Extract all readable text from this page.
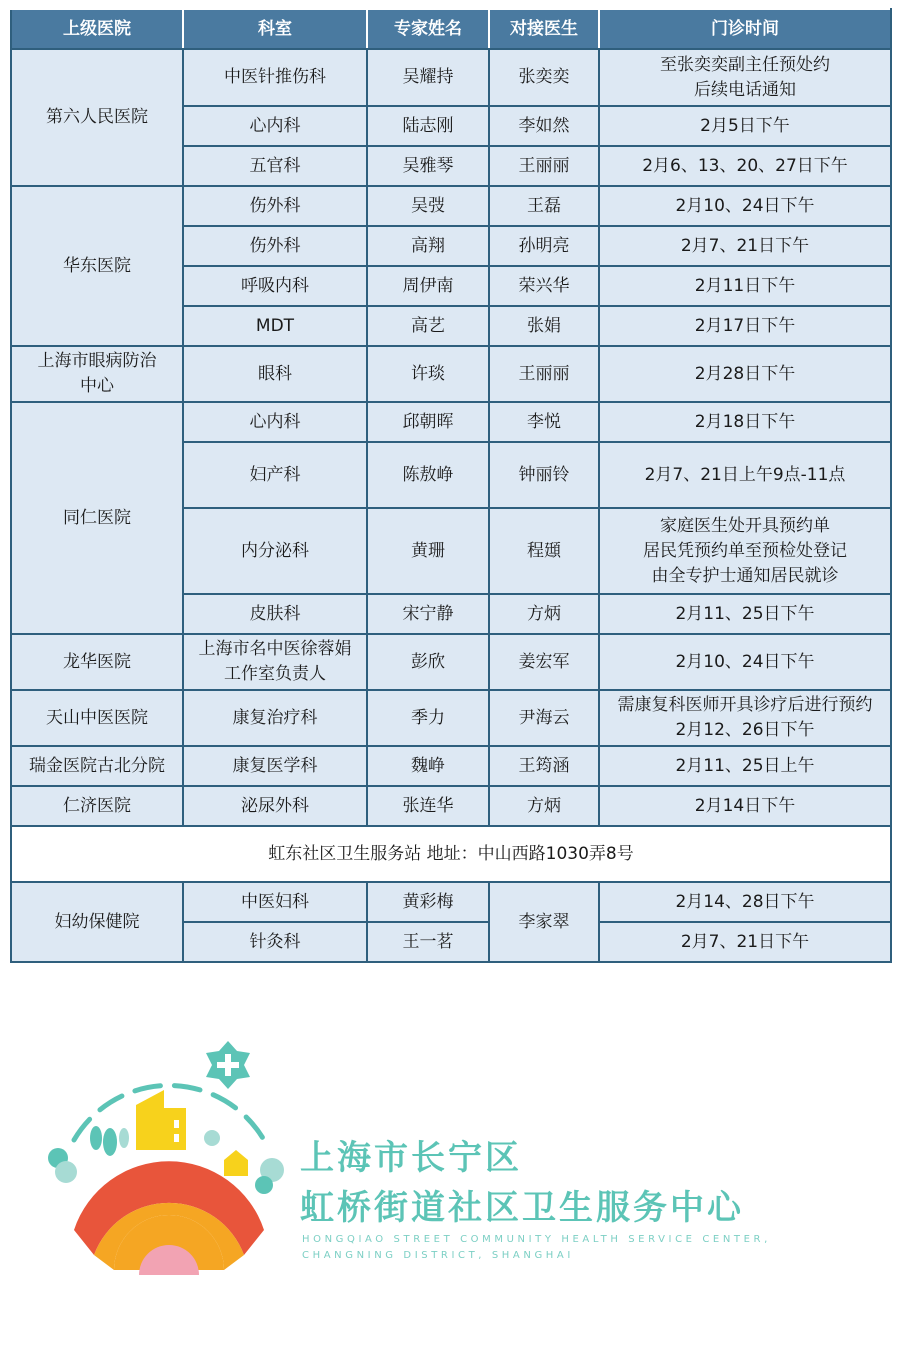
上级医院	科室	专家姓名	对接医生	门诊时间

第六人民医院	中医针推伤科	吴耀持	张奕奕	至张奕奕副主任预处约
后续电话通知

	心内科	陆志刚	李如然	2月5日下午

	五官科	吴雅琴	王丽丽	2月6、13、20、27日下午

华东医院	伤外科	吴弢	王磊	2月10、24日下午

	伤外科	高翔	孙明亮	2月7、21日下午

	呼吸内科	周伊南	荣兴华	2月11日下午

	MDT	高艺	张娟	2月17日下午

上海市眼病防治
中心	眼科	许琰	王丽丽	2月28日下午

同仁医院	心内科	邱朝晖	李悦	2月18日下午

	妇产科	陈敖峥	钟丽铃	2月7、21日上午9点-11点

	内分泌科	黄珊	程頲	家庭医生处开具预约单
居民凭预约单至预检处登记
由全专护士通知居民就诊

	皮肤科	宋宁静	方炳	2月11、25日下午

龙华医院	上海市名中医徐蓉娟
工作室负责人	彭欣	姜宏军	2月10、24日下午

天山中医医院	康复治疗科	季力	尹海云	需康复科医师开具诊疗后进行预约
2月12、26日下午

瑞金医院古北分院	康复医学科	魏峥	王筠涵	2月11、25日上午

仁济医院	泌尿外科	张连华	方炳	2月14日下午

虹东社区卫生服务站 地址：中山西路1030弄8号				

妇幼保健院	中医妇科	黄彩梅	李家翠	2月14、28日下午

	针灸科	王一茗		2月7、21日下午
上海市长宁区
虹桥街道社区卫生服务中心
HONGQIAO STREET COMMUNITY HEALTH SERVICE CENTER,
CHANGNING DISTRICT, SHANGHAI
